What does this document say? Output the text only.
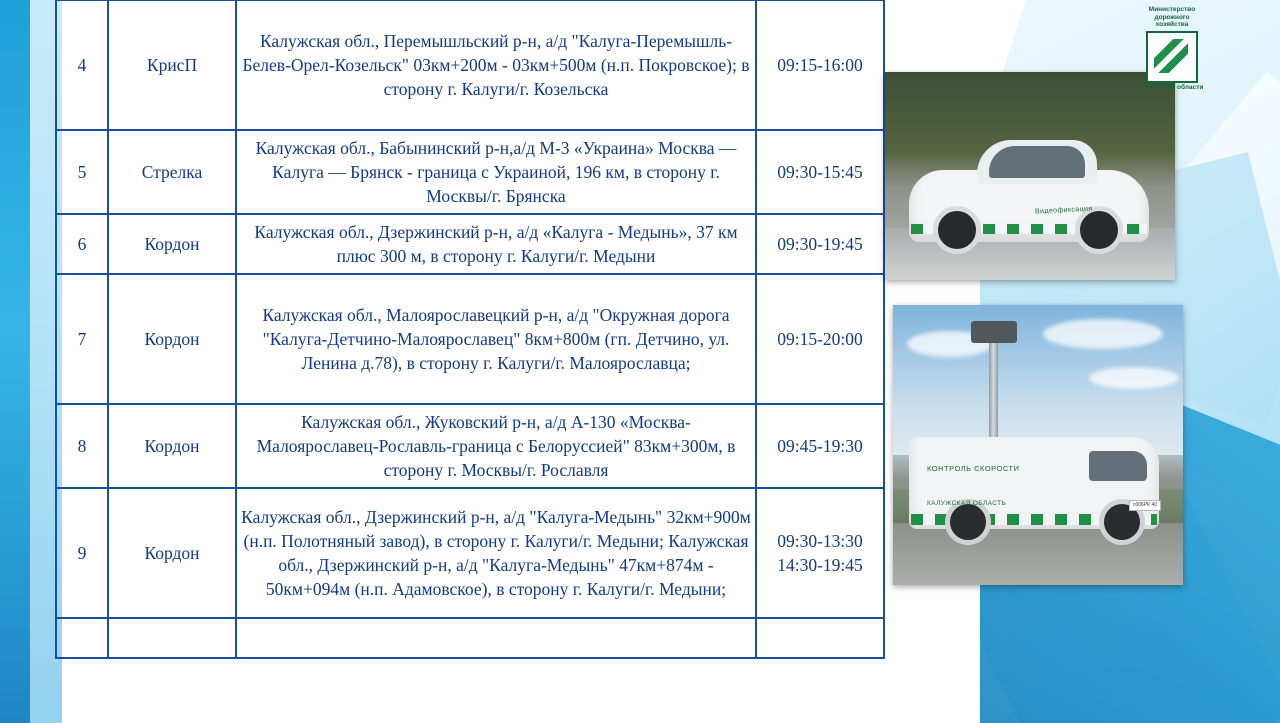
Министерство
дорожного
хозяйства
Калужской области
4	КрисП	Калужская обл., Перемышльский р-н, а/д "Калуга-Перемышль-Белев-Орел-Козельск" 03км+200м - 03км+500м (н.п. Покровское); в сторону г. Калуги/г. Козельска	09:15-16:00

5	Стрелка	Калужская обл., Бабынинский р-н,а/д М-3 «Украина» Москва — Калуга — Брянск - граница с Украиной, 196 км, в сторону г. Москвы/г. Брянска	09:30-15:45

6	Кордон	Калужская обл., Дзержинский р-н, а/д «Калуга - Медынь», 37 км плюс 300 м, в сторону г. Калуги/г. Медыни	09:30-19:45

7	Кордон	Калужская обл., Малоярославецкий р-н, а/д "Окружная дорога "Калуга-Детчино-Малоярославец" 8км+800м (гп. Детчино, ул. Ленина д.78), в сторону г. Калуги/г. Малоярославца;	09:15-20:00

8	Кордон	Калужская обл., Жуковский р-н, а/д А-130 «Москва-Малоярославец-Рославль-граница с Белоруссией" 83км+300м, в сторону г. Москвы/г. Рославля	09:45-19:30

9	Кордон	Калужская обл., Дзержинский р-н, а/д "Калуга-Медынь" 32км+900м (н.п. Полотняный завод), в сторону г. Калуги/г. Медыни; Калужская обл., Дзержинский р-н, а/д "Калуга-Медынь" 47км+874м - 50км+094м (н.п. Адамовское), в сторону г. Калуги/г. Медыни;	09:30-13:30
14:30-19:45

Видеофиксация
КОНТРОЛЬ СКОРОСТИ
КАЛУЖСКАЯ ОБЛАСТЬ	с006РК 40
